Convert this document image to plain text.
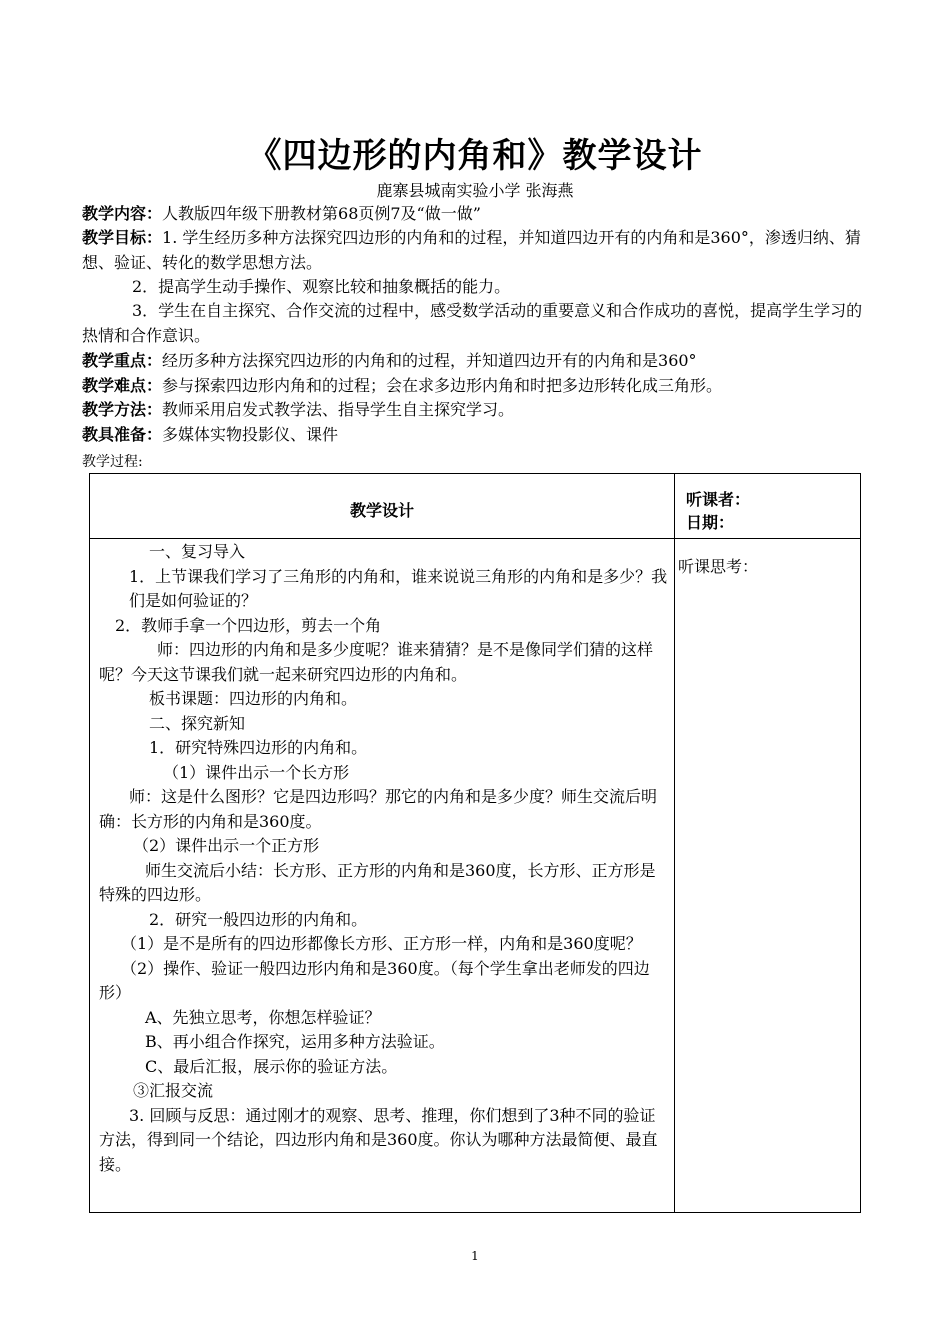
《四边形的内角和》教学设计
鹿寨县城南实验小学 张海燕
教学内容：人教版四年级下册教材第68页例7及“做一做”
教学目标：1. 学生经历多种方法探究四边形的内角和的过程，并知道四边开有的内角和是360°，渗透归纳、猜想、验证、转化的数学思想方法。
2．提高学生动手操作、观察比较和抽象概括的能力。
3．学生在自主探究、合作交流的过程中，感受数学活动的重要意义和合作成功的喜悦，提高学生学习的热情和合作意识。
教学重点：经历多种方法探究四边形的内角和的过程，并知道四边开有的内角和是360°
教学难点：参与探索四边形内角和的过程；会在求多边形内角和时把多边形转化成三角形。
教学方法：教师采用启发式教学法、指导学生自主探究学习。
教具准备：多媒体实物投影仪、课件
教学过程:
教学设计
听课者：
日期：
听课思考：

一、复习导入

1．上节课我们学习了三角形的内角和，谁来说说三角形的内角和是多少？我们是如何验证的？

2．教师手拿一个四边形，剪去一个角

师：四边形的内角和是多少度呢？谁来猜猜？是不是像同学们猜的这样呢？今天这节课我们就一起来研究四边形的内角和。

板书课题：四边形的内角和。

二、探究新知

1．研究特殊四边形的内角和。

（1）课件出示一个长方形

师：这是什么图形？它是四边形吗？那它的内角和是多少度？师生交流后明确：长方形的内角和是360度。

（2）课件出示一个正方形

师生交流后小结：长方形、正方形的内角和是360度，长方形、正方形是特殊的四边形。

2．研究一般四边形的内角和。

（1）是不是所有的四边形都像长方形、正方形一样，内角和是360度呢？

（2）操作、验证一般四边形内角和是360度。（每个学生拿出老师发的四边形）

A、先独立思考，你想怎样验证？

B、再小组合作探究，运用多种方法验证。

C、最后汇报，展示你的验证方法。

③汇报交流

3. 回顾与反思：通过刚才的观察、思考、推理，你们想到了3种不同的验证方法，得到同一个结论，四边形内角和是360度。你认为哪种方法最简便、最直接。

1
